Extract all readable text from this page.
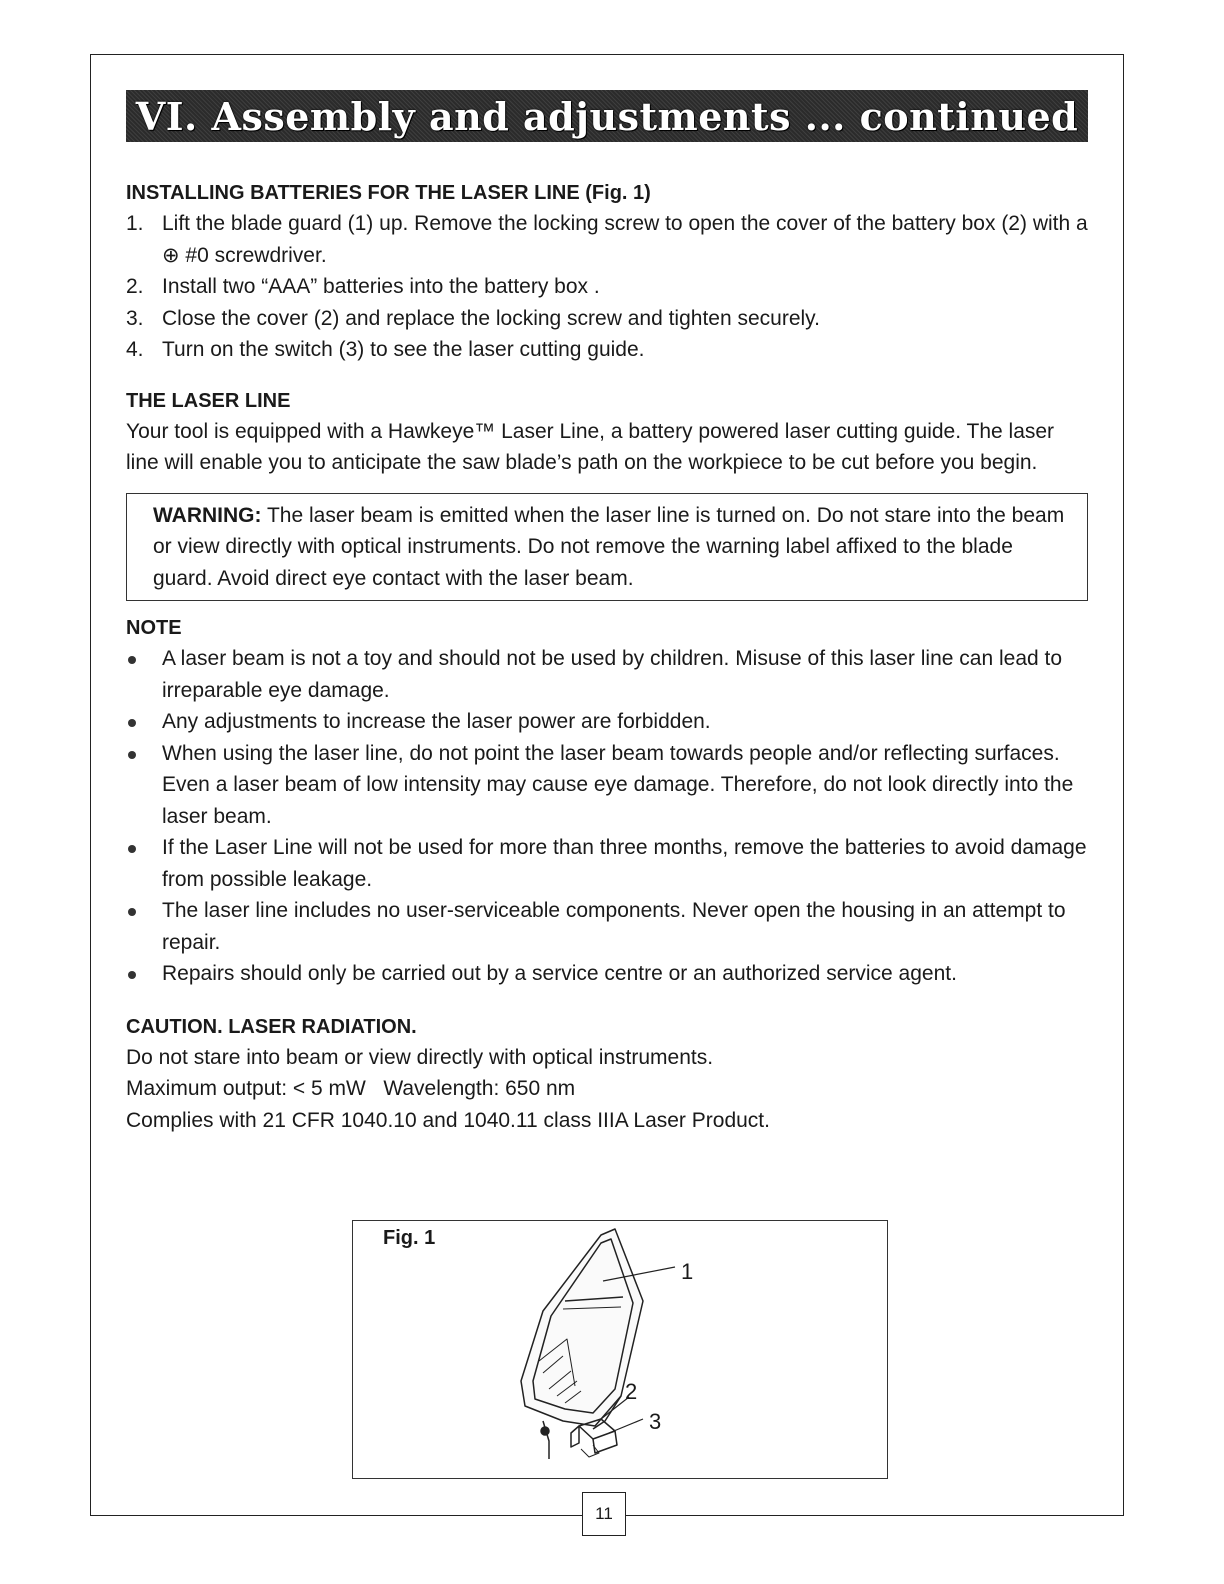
11
VI. Assembly and adjustments ... continued
INSTALLING BATTERIES FOR THE LASER LINE (Fig. 1)
1. Lift the blade guard (1) up. Remove the locking screw to open the cover of the battery box (2) with a ⊕ #0 screwdriver.
2. Install two “AAA” batteries into the battery box .
3. Close the cover (2) and replace the locking screw and tighten securely.
4. Turn on the switch (3) to see the laser cutting guide.
THE LASER LINE

Your tool is equipped with a Hawkeye™ Laser Line, a battery powered laser cutting guide. The laser line will enable you to anticipate the saw blade’s path on the workpiece to be cut before you begin.

WARNING: The laser beam is emitted when the laser line is turned on. Do not stare into the beam or view directly with optical instruments. Do not remove the warning label affixed to the blade guard. Avoid direct eye contact with the laser beam.
NOTE
A laser beam is not a toy and should not be used by children. Misuse of this laser line can lead to irreparable eye damage.
Any adjustments to increase the laser power are forbidden.
When using the laser line, do not point the laser beam towards people and/or reflecting surfaces. Even a laser beam of low intensity may cause eye damage. Therefore, do not look directly into the laser beam.
If the Laser Line will not be used for more than three months, remove the batteries to avoid damage from possible leakage.
The laser line includes no user-serviceable components. Never open the housing in an attempt to repair.
Repairs should only be carried out by a service centre or an authorized service agent.
CAUTION. LASER RADIATION.

Do not stare into beam or view directly with optical instruments.

Maximum output: < 5 mW   Wavelength: 650 nm

Complies with 21 CFR 1040.10 and 1040.11 class IIIA Laser Product.

Fig. 1
1
2
3
